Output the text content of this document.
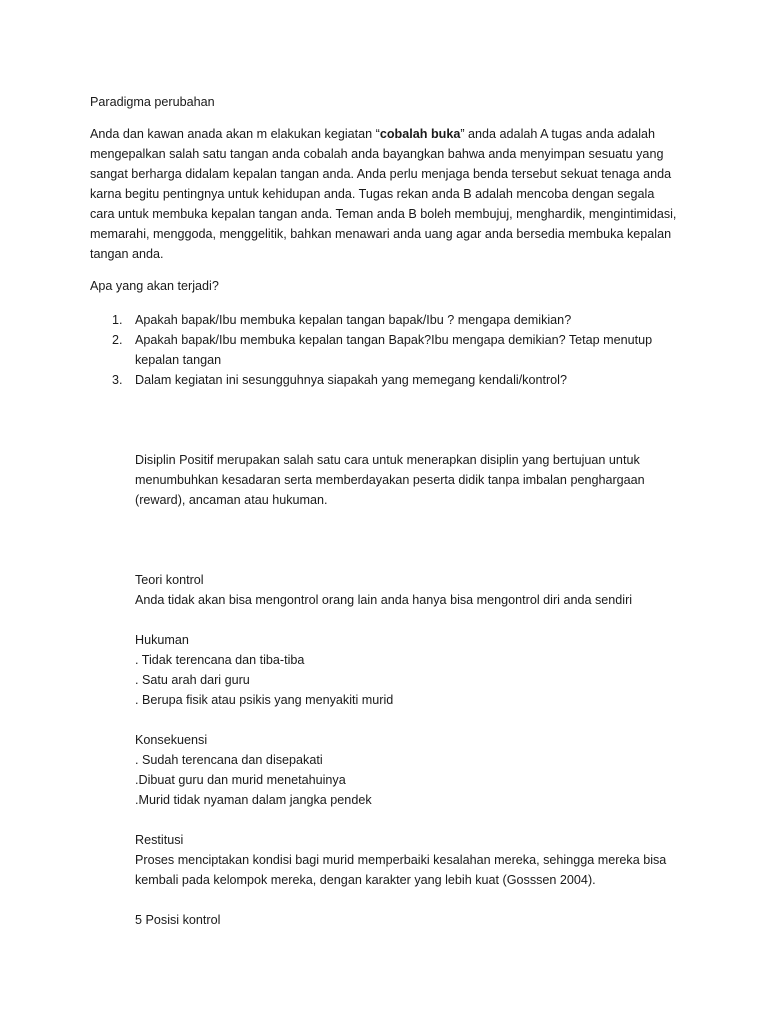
Paradigma perubahan

Anda dan kawan anada akan m elakukan kegiatan “cobalah buka” anda adalah A tugas anda adalah mengepalkan salah satu tangan anda cobalah anda bayangkan bahwa anda menyimpan sesuatu yang sangat berharga didalam kepalan tangan anda. Anda perlu menjaga benda tersebut sekuat tenaga anda karna begitu pentingnya untuk kehidupan anda. Tugas rekan anda B adalah mencoba dengan segala cara untuk membuka kepalan tangan anda. Teman anda B boleh membujuj, menghardik, mengintimidasi, memarahi, menggoda, menggelitik, bahkan menawari anda uang agar anda bersedia membuka kepalan tangan anda.

Apa yang akan terjadi?

1. Apakah bapak/Ibu membuka kepalan tangan bapak/Ibu ? mengapa demikian?
2. Apakah bapak/Ibu membuka kepalan tangan Bapak?Ibu mengapa demikian? Tetap menutup kepalan tangan
3. Dalam kegiatan ini sesungguhnya siapakah yang memegang kendali/kontrol?

Disiplin Positif merupakan salah satu cara untuk menerapkan disiplin yang bertujuan untuk menumbuhkan kesadaran serta memberdayakan peserta didik tanpa imbalan penghargaan (reward), ancaman atau hukuman.

Teori kontrol
Anda tidak akan bisa mengontrol orang lain anda hanya bisa mengontrol diri anda sendiri
Hukuman
. Tidak terencana dan tiba-tiba
. Satu arah dari guru
. Berupa fisik atau psikis yang menyakiti murid
Konsekuensi
. Sudah terencana dan disepakati
.Dibuat guru dan murid menetahuinya
.Murid tidak nyaman dalam jangka pendek
Restitusi
Proses menciptakan kondisi bagi murid memperbaiki kesalahan mereka, sehingga mereka bisa kembali pada kelompok mereka, dengan karakter yang lebih kuat (Gosssen 2004).

5 Posisi kontrol
